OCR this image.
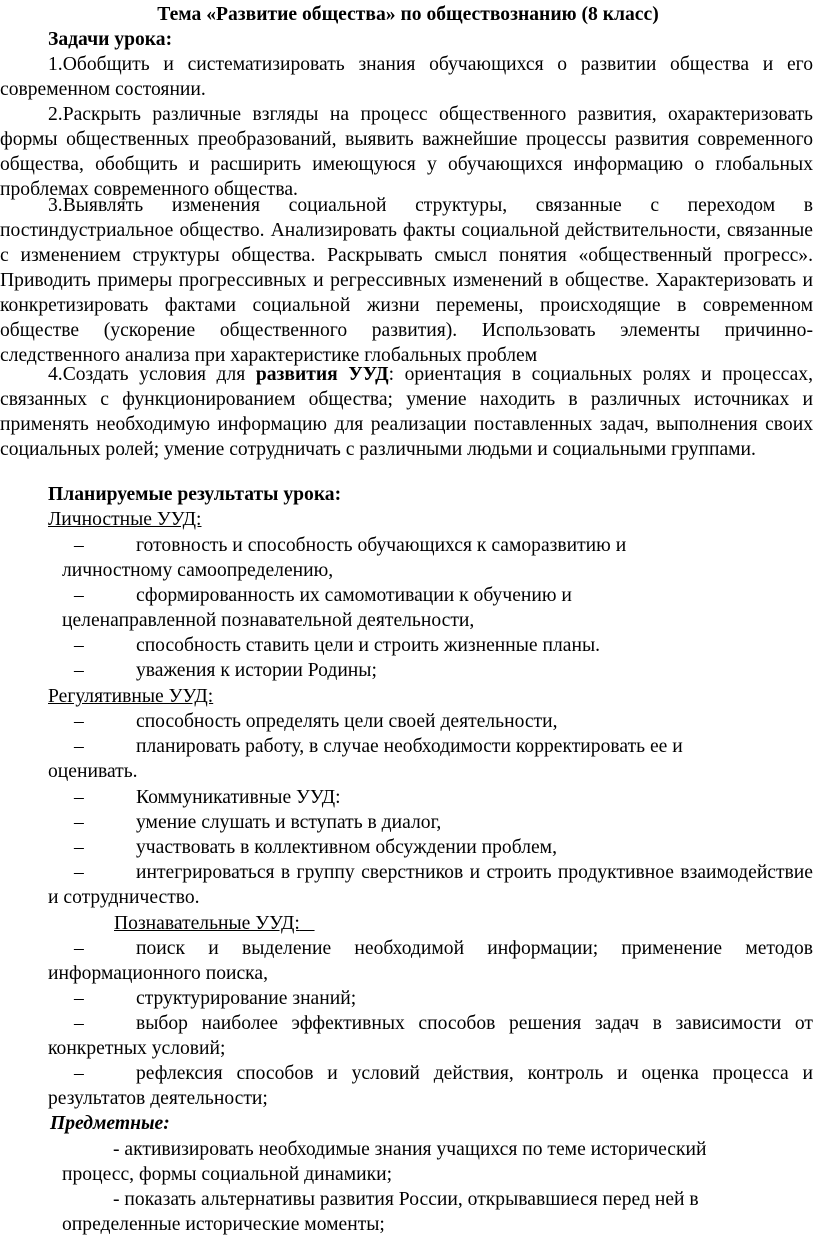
Тема «Развитие общества» по обществознанию (8 класс)
Задачи урока:
1.Обобщить и систематизировать знания обучающихся о развитии общества и его современном состоянии.
2.Раскрыть различные взгляды на процесс общественного развития, охарактеризовать формы общественных преобразований, выявить важнейшие процессы развития современного общества, обобщить и расширить имеющуюся у обучающихся информацию о глобальных проблемах современного общества.
3.Выявлять изменения социальной структуры, связанные с переходом в постиндустриальное общество. Анализировать факты социальной действительности, связанные с изменением структуры общества. Раскрывать смысл понятия «общественный прогресс». Приводить примеры прогрессивных и регрессивных изменений в обществе. Характеризовать и конкретизировать фактами социальной жизни перемены, происходящие в современном обществе (ускорение общественного развития). Использовать элементы причинно- следственного анализа при характеристике глобальных проблем
4.Создать условия для развития УУД: ориентация в социальных ролях и процессах, связанных с функционированием общества; умение находить в различных источниках и применять необходимую информацию для реализации поставленных задач, выполнения своих социальных ролей; умение сотрудничать с различными людьми и социальными группами.
Планируемые результаты урока:
Личностные УУД:
–	готовность и способность обучающихся к саморазвитию и
личностному самоопределению,
–	сформированность их самомотивации к обучению и
целенаправленной познавательной деятельности,
–	способность ставить цели и строить жизненные планы.
–	уважения к истории Родины;
Регулятивные УУД:
–	способность определять цели своей деятельности,
–	планировать работу, в случае необходимости корректировать ее и
оценивать.
–	Коммуникативные УУД:
–	умение слушать и вступать в диалог,
–	участвовать в коллективном обсуждении проблем,
–	интегрироваться в группу сверстников и строить продуктивное взаимодействие и сотрудничество.
Познавательные УУД:
–	поиск и выделение необходимой информации; применение методов информационного поиска,
–	структурирование знаний;
–	выбор наиболее эффективных способов решения задач в зависимости от конкретных условий;
–	рефлексия способов и условий действия, контроль и оценка процесса и результатов деятельности;
Предметные:
- активизировать необходимые знания учащихся по теме исторический
процесс, формы социальной динамики;
- показать альтернативы развития России, открывавшиеся перед ней в
определенные исторические моменты;
